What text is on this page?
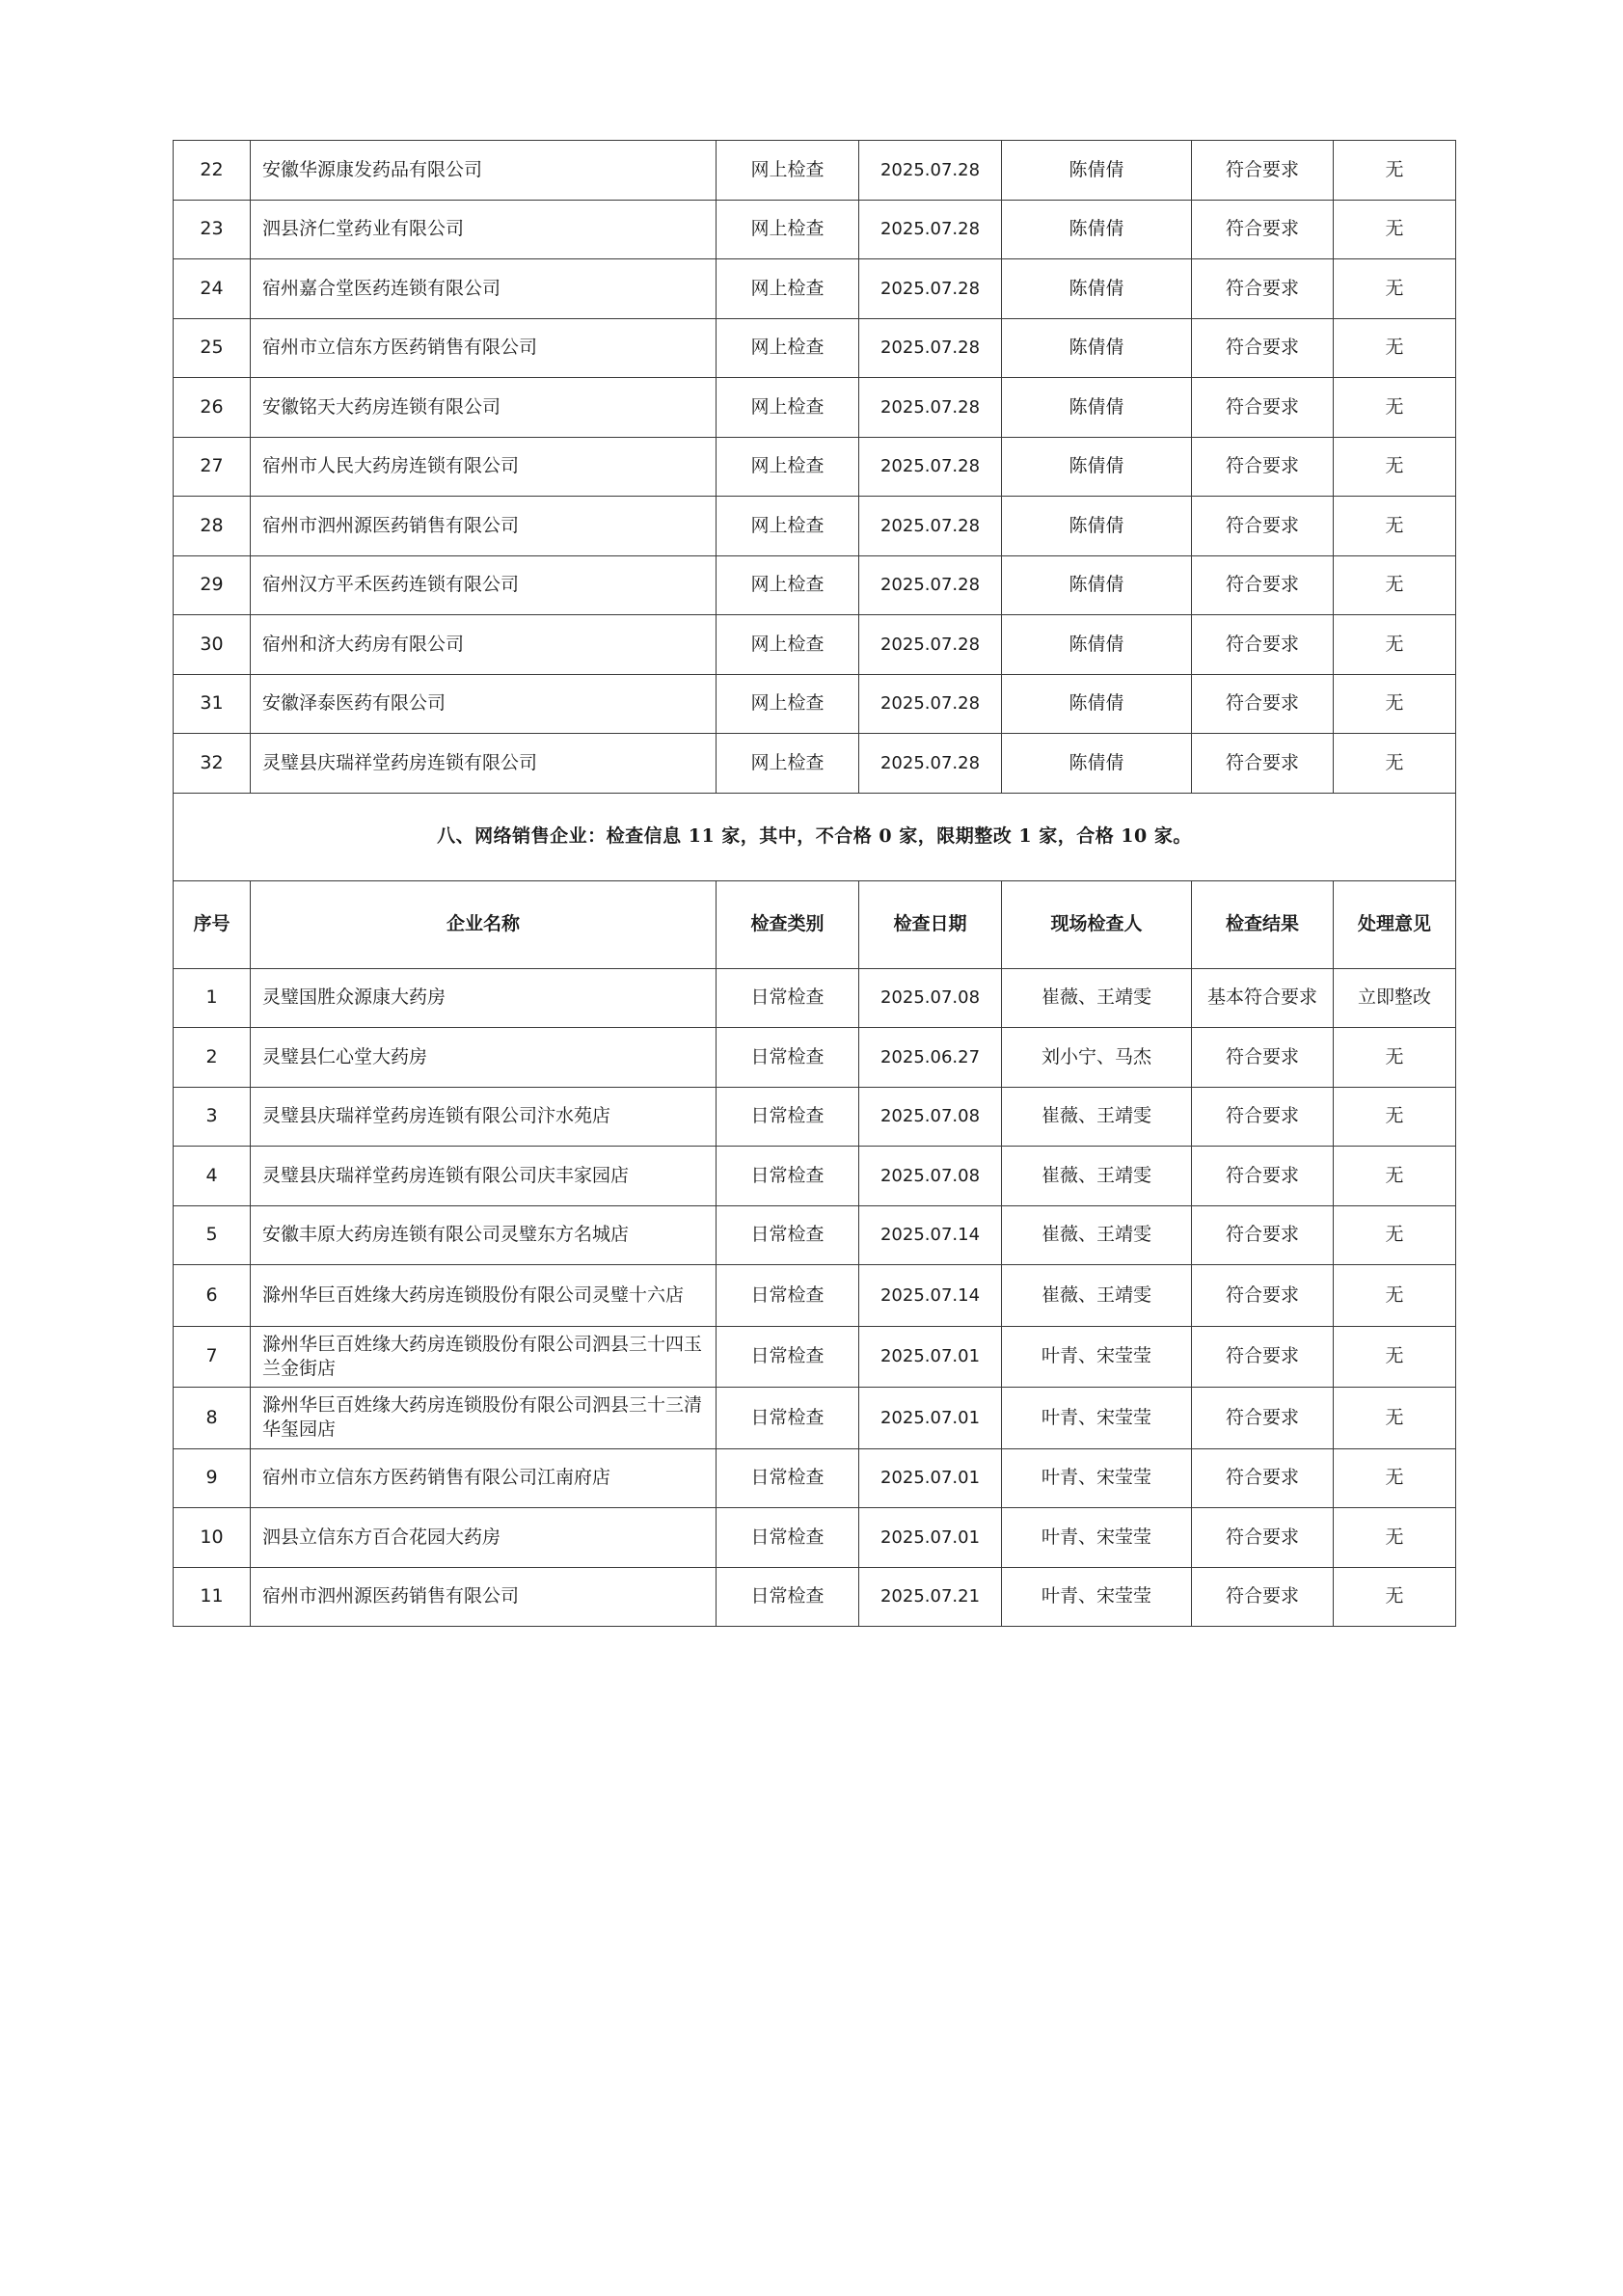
22	安徽华源康发药品有限公司	网上检查	2025.07.28	陈倩倩	符合要求	无
23	泗县济仁堂药业有限公司	网上检查	2025.07.28	陈倩倩	符合要求	无
24	宿州嘉合堂医药连锁有限公司	网上检查	2025.07.28	陈倩倩	符合要求	无
25	宿州市立信东方医药销售有限公司	网上检查	2025.07.28	陈倩倩	符合要求	无
26	安徽铭天大药房连锁有限公司	网上检查	2025.07.28	陈倩倩	符合要求	无
27	宿州市人民大药房连锁有限公司	网上检查	2025.07.28	陈倩倩	符合要求	无
28	宿州市泗州源医药销售有限公司	网上检查	2025.07.28	陈倩倩	符合要求	无
29	宿州汉方平禾医药连锁有限公司	网上检查	2025.07.28	陈倩倩	符合要求	无
30	宿州和济大药房有限公司	网上检查	2025.07.28	陈倩倩	符合要求	无
31	安徽泽泰医药有限公司	网上检查	2025.07.28	陈倩倩	符合要求	无
32	灵璧县庆瑞祥堂药房连锁有限公司	网上检查	2025.07.28	陈倩倩	符合要求	无
八、网络销售企业：检查信息 11 家，其中，不合格 0 家，限期整改 1 家，合格 10 家。						
序号	企业名称	检查类别	检查日期	现场检查人	检查结果	处理意见
1	灵璧国胜众源康大药房	日常检查	2025.07.08	崔薇、王靖雯	基本符合要求	立即整改
2	灵璧县仁心堂大药房	日常检查	2025.06.27	刘小宁、马杰	符合要求	无
3	灵璧县庆瑞祥堂药房连锁有限公司汴水苑店	日常检查	2025.07.08	崔薇、王靖雯	符合要求	无
4	灵璧县庆瑞祥堂药房连锁有限公司庆丰家园店	日常检查	2025.07.08	崔薇、王靖雯	符合要求	无
5	安徽丰原大药房连锁有限公司灵璧东方名城店	日常检查	2025.07.14	崔薇、王靖雯	符合要求	无
6	滁州华巨百姓缘大药房连锁股份有限公司灵璧十六店	日常检查	2025.07.14	崔薇、王靖雯	符合要求	无
7	滁州华巨百姓缘大药房连锁股份有限公司泗县三十四玉兰金街店	日常检查	2025.07.01	叶青、宋莹莹	符合要求	无
8	滁州华巨百姓缘大药房连锁股份有限公司泗县三十三清华玺园店	日常检查	2025.07.01	叶青、宋莹莹	符合要求	无
9	宿州市立信东方医药销售有限公司江南府店	日常检查	2025.07.01	叶青、宋莹莹	符合要求	无
10	泗县立信东方百合花园大药房	日常检查	2025.07.01	叶青、宋莹莹	符合要求	无
11	宿州市泗州源医药销售有限公司	日常检查	2025.07.21	叶青、宋莹莹	符合要求	无
